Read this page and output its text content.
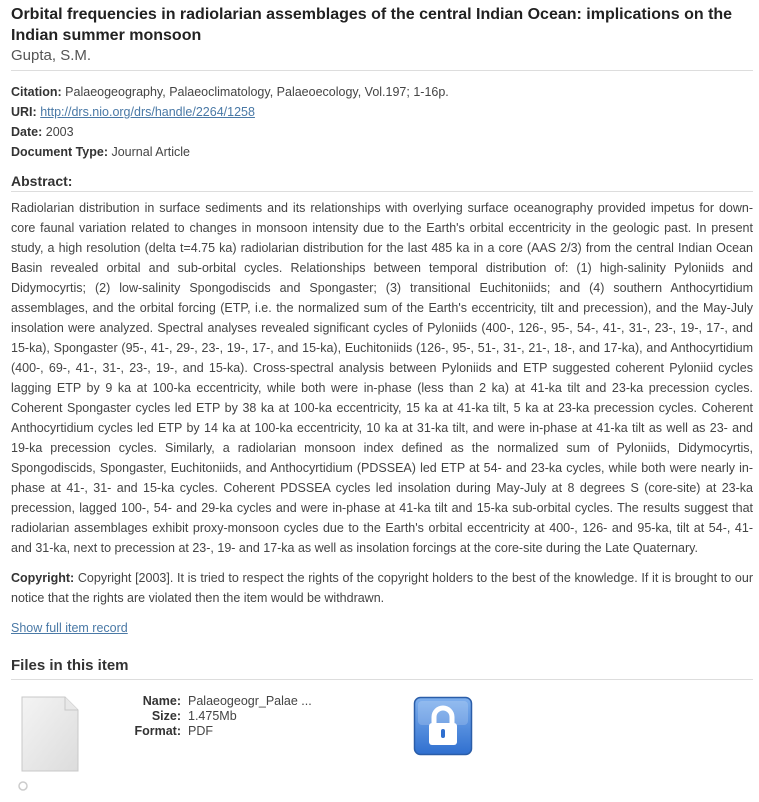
Orbital frequencies in radiolarian assemblages of the central Indian Ocean: implications on the Indian summer monsoon
Gupta, S.M.
Citation: Palaeogeography, Palaeoclimatology, Palaeoecology, Vol.197; 1-16p.
URI: http://drs.nio.org/drs/handle/2264/1258
Date: 2003
Document Type: Journal Article
Abstract:
Radiolarian distribution in surface sediments and its relationships with overlying surface oceanography provided impetus for down-core faunal variation related to changes in monsoon intensity due to the Earth's orbital eccentricity in the geologic past. In present study, a high resolution (delta t=4.75 ka) radiolarian distribution for the last 485 ka in a core (AAS 2/3) from the central Indian Ocean Basin revealed orbital and sub-orbital cycles. Relationships between temporal distribution of: (1) high-salinity Pyloniids and Didymocyrtis; (2) low-salinity Spongodiscids and Spongaster; (3) transitional Euchitoniids; and (4) southern Anthocyrtidium assemblages, and the orbital forcing (ETP, i.e. the normalized sum of the Earth's eccentricity, tilt and precession), and the May-July insolation were analyzed. Spectral analyses revealed significant cycles of Pyloniids (400-, 126-, 95-, 54-, 41-, 31-, 23-, 19-, 17-, and 15-ka), Spongaster (95-, 41-, 29-, 23-, 19-, 17-, and 15-ka), Euchitoniids (126-, 95-, 51-, 31-, 21-, 18-, and 17-ka), and Anthocyrtidium (400-, 69-, 41-, 31-, 23-, 19-, and 15-ka). Cross-spectral analysis between Pyloniids and ETP suggested coherent Pyloniid cycles lagging ETP by 9 ka at 100-ka eccentricity, while both were in-phase (less than 2 ka) at 41-ka tilt and 23-ka precession cycles. Coherent Spongaster cycles led ETP by 38 ka at 100-ka eccentricity, 15 ka at 41-ka tilt, 5 ka at 23-ka precession cycles. Coherent Anthocyrtidium cycles led ETP by 14 ka at 100-ka eccentricity, 10 ka at 31-ka tilt, and were in-phase at 41-ka tilt as well as 23- and 19-ka precession cycles. Similarly, a radiolarian monsoon index defined as the normalized sum of Pyloniids, Didymocyrtis, Spongodiscids, Spongaster, Euchitoniids, and Anthocyrtidium (PDSSEA) led ETP at 54- and 23-ka cycles, while both were nearly in-phase at 41-, 31- and 15-ka cycles. Coherent PDSSEA cycles led insolation during May-July at 8 degrees S (core-site) at 23-ka precession, lagged 100-, 54- and 29-ka cycles and were in-phase at 41-ka tilt and 15-ka sub-orbital cycles. The results suggest that radiolarian assemblages exhibit proxy-monsoon cycles due to the Earth's orbital eccentricity at 400-, 126- and 95-ka, tilt at 54-, 41- and 31-ka, next to precession at 23-, 19- and 17-ka as well as insolation forcings at the core-site during the Late Quaternary.
Copyright: Copyright [2003]. It is tried to respect the rights of the copyright holders to the best of the knowledge. If it is brought to our notice that the rights are violated then the item would be withdrawn.
Show full item record
Files in this item
Name: Palaeogeogr_Palae ...
Size: 1.475Mb
Format: PDF
